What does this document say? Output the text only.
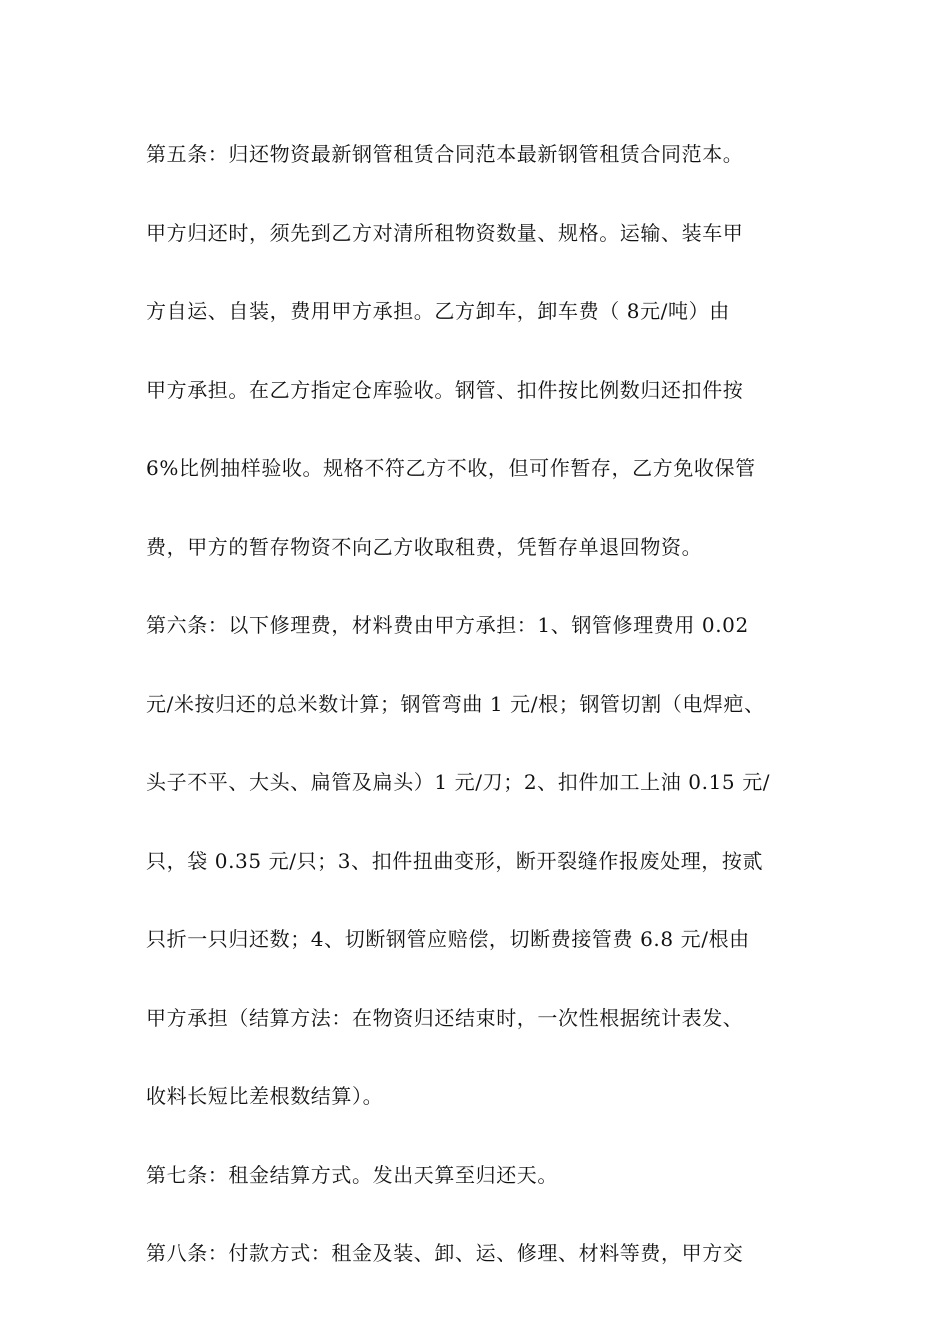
第五条：归还物资最新钢管租赁合同范本最新钢管租赁合同范本。
甲方归还时，须先到乙方对清所租物资数量、规格。运输、装车甲
方自运、自装，费用甲方承担。乙方卸车，卸车费（ 8元/吨）由
甲方承担。在乙方指定仓库验收。钢管、扣件按比例数归还扣件按
6%比例抽样验收。规格不符乙方不收，但可作暂存，乙方免收保管
费，甲方的暂存物资不向乙方收取租费，凭暂存单退回物资。
第六条：以下修理费，材料费由甲方承担：1、钢管修理费用 0.02
元/米按归还的总米数计算；钢管弯曲 1 元/根；钢管切割（电焊疤、
头子不平、大头、扁管及扁头）1 元/刀；2、扣件加工上油 0.15 元/
只，袋 0.35 元/只；3、扣件扭曲变形，断开裂缝作报废处理，按贰
只折一只归还数；4、切断钢管应赔偿，切断费接管费 6.8 元/根由
甲方承担（结算方法：在物资归还结束时，一次性根据统计表发、
收料长短比差根数结算）。
第七条：租金结算方式。发出天算至归还天。
第八条：付款方式：租金及装、卸、运、修理、材料等费，甲方交
